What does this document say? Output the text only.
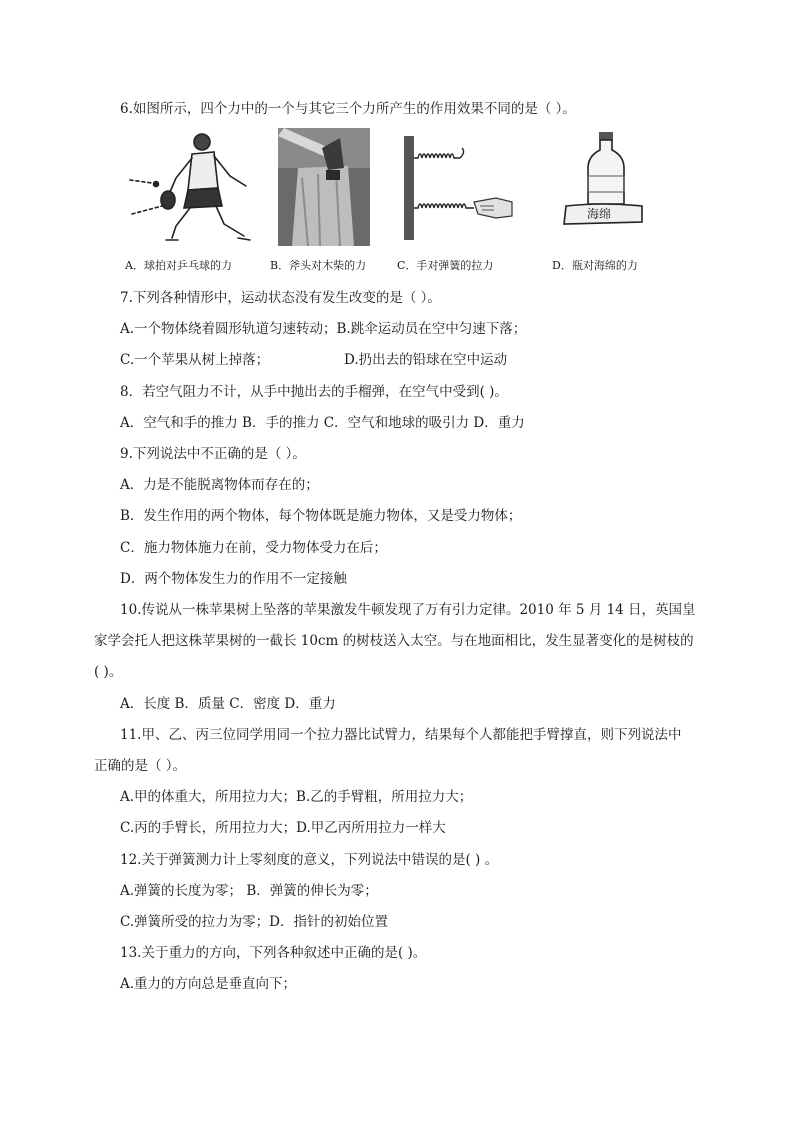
6.如图所示，四个力中的一个与其它三个力所产生的作用效果不同的是（ ）。
海绵
A．球拍对乒乓球的力	B．斧头对木柴的力	C．手对弹簧的拉力	D．瓶对海绵的力
7.下列各种情形中，运动状态没有发生改变的是（ ）。
A.一个物体绕着圆形轨道匀速转动；B.跳伞运动员在空中匀速下落；
C.一个苹果从树上掉落；	D.扔出去的铅球在空中运动
8．若空气阻力不计，从手中抛出去的手榴弹，在空气中受到( )。
A．空气和手的推力 B．手的推力 C．空气和地球的吸引力 D．重力
9.下列说法中不正确的是（ ）。
A．力是不能脱离物体而存在的；
B．发生作用的两个物体，每个物体既是施力物体，又是受力物体；
C．施力物体施力在前，受力物体受力在后；
D．两个物体发生力的作用不一定接触
10.传说从一株苹果树上坠落的苹果激发牛顿发现了万有引力定律。2010 年 5 月 14 日，英国皇
家学会托人把这株苹果树的一截长 10cm 的树枝送入太空。与在地面相比，发生显著变化的是树枝的
( )。
A．长度 B．质量 C．密度 D．重力
11.甲、乙、丙三位同学用同一个拉力器比试臂力，结果每个人都能把手臂撑直，则下列说法中
正确的是（ ）。
A.甲的体重大，所用拉力大；B.乙的手臂粗，所用拉力大；
C.丙的手臂长，所用拉力大；D.甲乙丙所用拉力一样大
12.关于弹簧测力计上零刻度的意义，下列说法中错误的是( ) 。
A.弹簧的长度为零； B．弹簧的伸长为零；
C.弹簧所受的拉力为零；D．指针的初始位置
13.关于重力的方向，下列各种叙述中正确的是( )。
A.重力的方向总是垂直向下；
